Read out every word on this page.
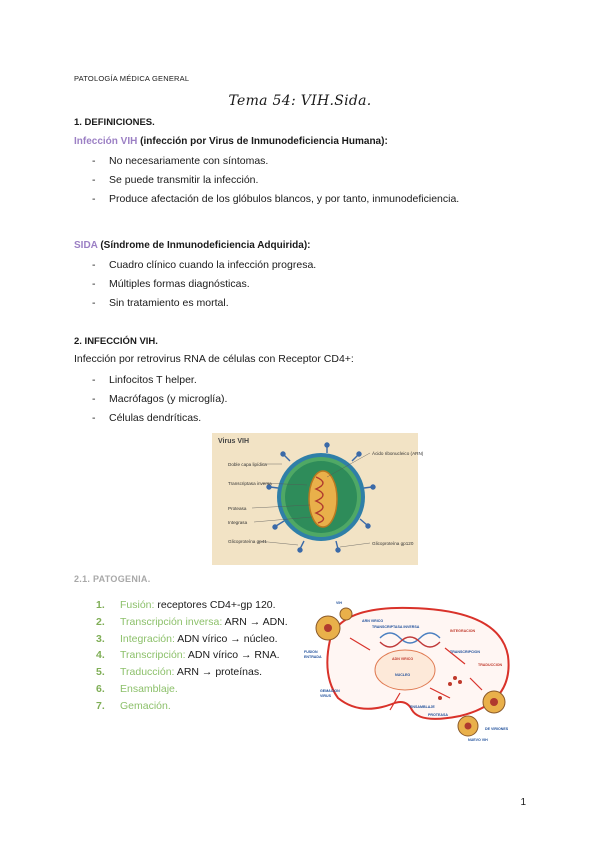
PATOLOGÍA MÉDICA GENERAL
Tema 54: VIH.Sida.
1. DEFINICIONES.
Infección VIH (infección por Virus de Inmunodeficiencia Humana):
- No necesariamente con síntomas.
- Se puede transmitir la infección.
- Produce afectación de los glóbulos blancos, y por tanto, inmunodeficiencia.
SIDA (Síndrome de Inmunodeficiencia Adquirida):
- Cuadro clínico cuando la infección progresa.
- Múltiples formas diagnósticas.
- Sin tratamiento es mortal.
2. INFECCIÓN VIH.
Infección por retrovirus RNA de células con Receptor CD4+:
- Linfocitos T helper.
- Macrófagos (y microglía).
- Células dendríticas.
Virus VIH
Doble capa lipídica
Transcriptasa inversa
Proteasa
Integrasa
Glicoproteína gp41
Ácido ribonucleico (ARN)
Glicoproteína gp120
2.1. PATOGENIA.
1. Fusión: receptores CD4+-gp 120.
2. Transcripción inversa: ARN → ADN.
3. Integración: ADN vírico → núcleo.
4. Transcripción: ADN vírico → RNA.
5. Traducción: ARN → proteínas.
6. Ensamblaje.
7. Gemación.
VIH
ARN VIRICO
FUSION
ENTRADA
TRANSCRIPTASA INVERSA
ADN VIRICO
NUCLEO
INTEGRACION
TRANSCRIPCION
TRADUCCION
ENSAMBLAJE
GEMACION
VIRUS
PROTEASA
NUEVO VIH
DE VIRIONES
1
